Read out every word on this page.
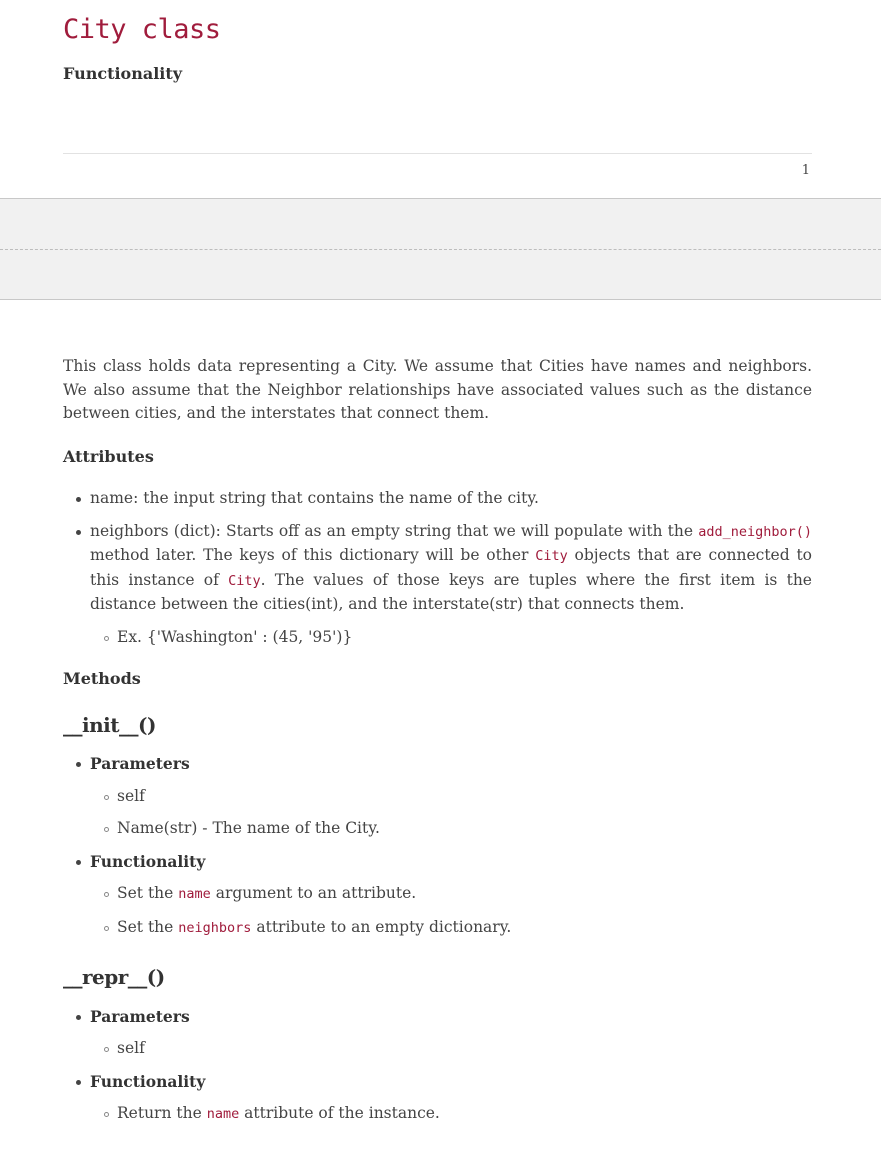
City class
Functionality
1

This class holds data representing a City. We assume that Cities have names and neighbors. We also assume that the Neighbor relationships have associated values such as the distance between cities, and the interstates that connect them.

Attributes
name: the input string that contains the name of the city.

neighbors (dict): Starts off as an empty string that we will populate with the add_neighbor() method later. The keys of this dictionary will be other City objects that are connected to this instance of City. The values of those keys are tuples where the first item is the distance between the cities(int), and the interstate(str) that connects them.

Ex. {'Washington' : (45, '95')}
Methods
__init__()
Parameters
self
Name(str) - The name of the City.
Functionality
Set the name argument to an attribute.
Set the neighbors attribute to an empty dictionary.
__repr__()
Parameters
self
Functionality
Return the name attribute of the instance.
